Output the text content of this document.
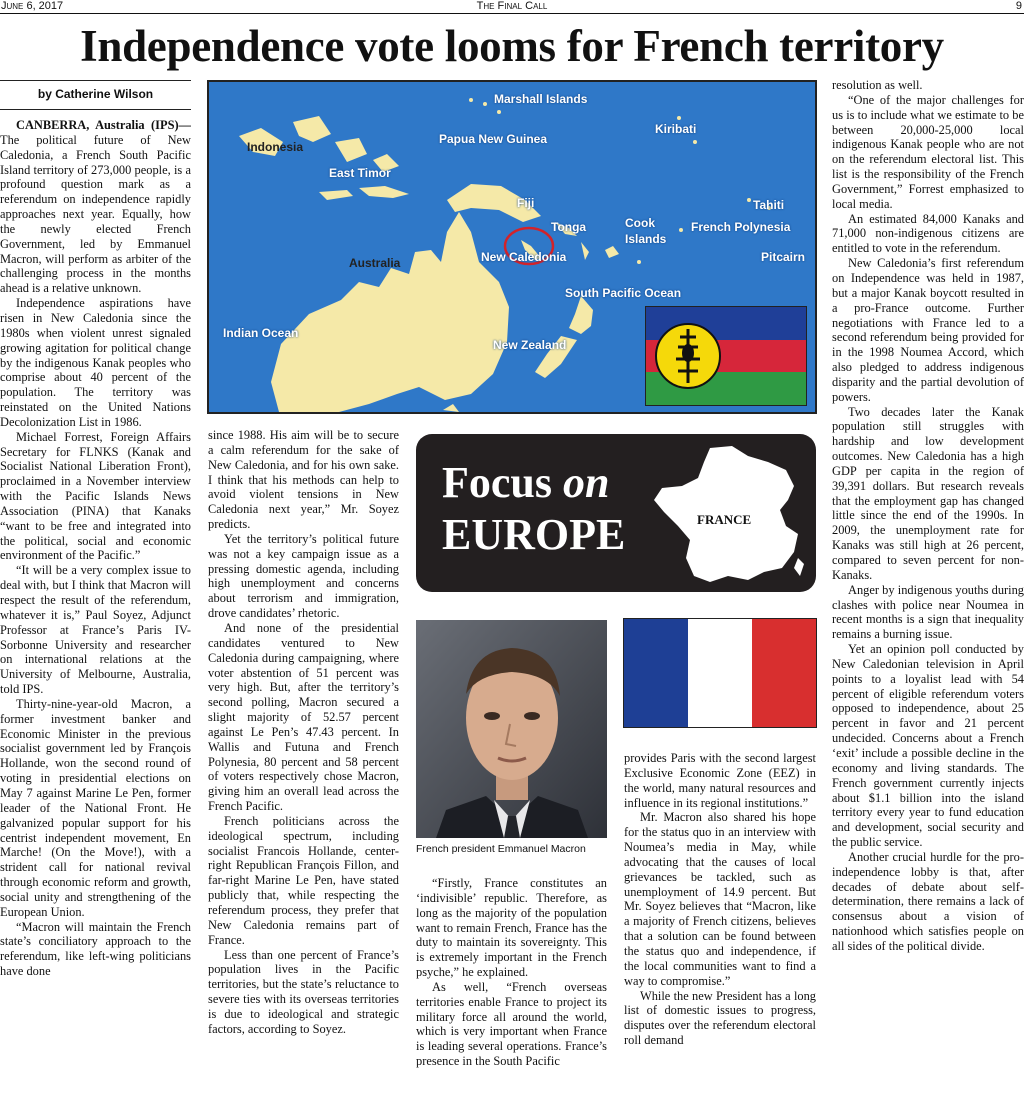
June 6, 2017	The Final Call	9
Independence vote looms for French territory
by Catherine Wilson

CANBERRA, Australia (IPS)—The political future of New Caledonia, a French South Pacific Island territory of 273,000 people, is a profound question mark as a referendum on independence rapidly approaches next year. Equally, how the newly elected French Government, led by Emmanuel Macron, will perform as arbiter of the challenging process in the months ahead is a relative unknown.

Independence aspirations have risen in New Caledonia since the 1980s when violent unrest signaled growing agitation for political change by the indigenous Kanak peoples who comprise about 40 percent of the population. The territory was reinstated on the United Nations Decolonization List in 1986.

Michael Forrest, Foreign Affairs Secretary for FLNKS (Kanak and Socialist National Liberation Front), proclaimed in a November interview with the Pacific Islands News Association (PINA) that Kanaks “want to be free and integrated into the political, social and economic environment of the Pacific.”

“It will be a very complex issue to deal with, but I think that Macron will respect the result of the referendum, whatever it is,” Paul Soyez, Adjunct Professor at France’s Paris IV-Sorbonne University and researcher on international relations at the University of Melbourne, Australia, told IPS.

Thirty-nine-year-old Macron, a former investment banker and Economic Minister in the previous socialist government led by François Hollande, won the second round of voting in presidential elections on May 7 against Marine Le Pen, former leader of the National Front. He galvanized popular support for his centrist independent movement, En Marche! (On the Move!), with a strident call for national revival through economic reform and growth, social unity and strengthening of the European Union.

“Macron will maintain the French state’s conciliatory approach to the referendum, like left-wing politicians have done

since 1988. His aim will be to secure a calm referendum for the sake of New Caledonia, and for his own sake. I think that his methods can help to avoid violent tensions in New Caledonia next year,” Mr. Soyez predicts.

Yet the territory’s political future was not a key campaign issue as a pressing domestic agenda, including high unemployment and concerns about terrorism and immigration, drove candidates’ rhetoric.

And none of the presidential candidates ventured to New Caledonia during campaigning, where voter abstention of 51 percent was very high. But, after the territory’s second polling, Macron secured a slight majority of 52.57 percent against Le Pen’s 47.43 percent. In Wallis and Futuna and French Polynesia, 80 percent and 58 percent of voters respectively chose Macron, giving him an overall lead across the French Pacific.

French politicians across the ideological spectrum, including socialist Francois Hollande, center-right Republican François Fillon, and far-right Marine Le Pen, have stated publicly that, while respecting the referendum process, they prefer that New Caledonia remains part of France.

Less than one percent of France’s population lives in the Pacific territories, but the state’s reluctance to severe ties with its overseas territories is due to ideological and strategic factors, according to Soyez.

“Firstly, France constitutes an ‘indivisible’ republic. Therefore, as long as the majority of the population want to remain French, France has the duty to maintain its sovereignty. This is extremely important in the French psyche,” he explained.

As well, “French overseas territories enable France to project its military force all around the world, which is very important when France is leading several operations. France’s presence in the South Pacific

provides Paris with the second largest Exclusive Economic Zone (EEZ) in the world, many natural resources and influence in its regional institutions.”

Mr. Macron also shared his hope for the status quo in an interview with Noumea’s media in May, while advocating that the causes of local grievances be tackled, such as unemployment of 14.9 percent. But Mr. Soyez believes that “Macron, like a majority of French citizens, believes that a solution can be found between the status quo and independence, if the local communities want to find a way to compromise.”

While the new President has a long list of domestic issues to progress, disputes over the referendum electoral roll demand

resolution as well.

“One of the major challenges for us is to include what we estimate to be between 20,000-25,000 local indigenous Kanak people who are not on the referendum electoral list. This list is the responsibility of the French Government,” Forrest emphasized to local media.

An estimated 84,000 Kanaks and 71,000 non-indigenous citizens are entitled to vote in the referendum.

New Caledonia’s first referendum on Independence was held in 1987, but a major Kanak boycott resulted in a pro-France outcome. Further negotiations with France led to a second referendum being provided for in the 1998 Noumea Accord, which also pledged to address indigenous disparity and the partial devolution of powers.

Two decades later the Kanak population still struggles with hardship and low development outcomes. New Caledonia has a high GDP per capita in the region of 39,391 dollars. But research reveals that the employment gap has changed little since the end of the 1990s. In 2009, the unemployment rate for Kanaks was still high at 26 percent, compared to seven percent for non-Kanaks.

Anger by indigenous youths during clashes with police near Noumea in recent months is a sign that inequality remains a burning issue.

Yet an opinion poll conducted by New Caledonian television in April points to a loyalist lead with 54 percent of eligible referendum voters opposed to independence, about 25 percent in favor and 21 percent undecided. Concerns about a French ‘exit’ include a possible decline in the economy and living standards. The French government currently injects about $1.1 billion into the island territory every year to fund education and development, social security and the public service.

Another crucial hurdle for the pro-independence lobby is that, after decades of debate about self-determination, there remains a lack of consensus about a vision of nationhood which satisfies people on all sides of the political divide.

Marshall Islands
Indonesia
Papua New Guinea
Kiribati
East Timor
Fiji
Tonga	Cook
Islands
French Polynesia
Tahiti
Australia	New Caledonia	Pitcairn
South Pacific Ocean
Indian Ocean
New Zealand
Focus on
EUROPE	FRANCE
French president Emmanuel Macron
